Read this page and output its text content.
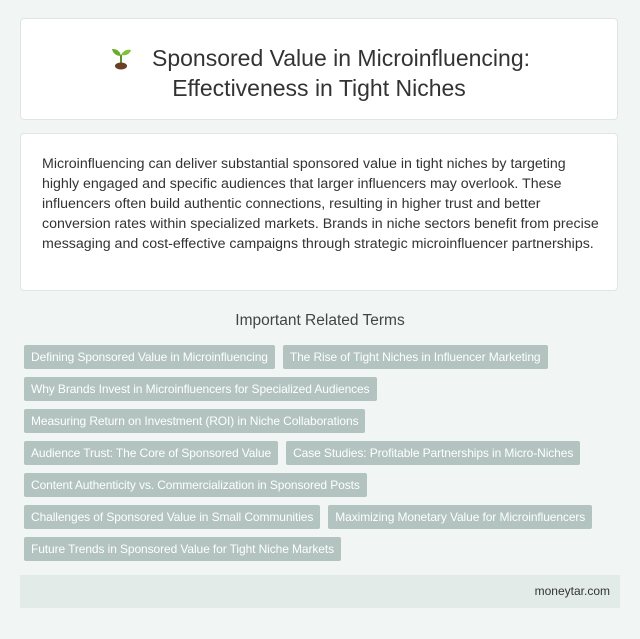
Sponsored Value in Microinfluencing:
Effectiveness in Tight Niches

Microinfluencing can deliver substantial sponsored value in tight niches by targeting highly engaged and specific audiences that larger influencers may overlook. These influencers often build authentic connections, resulting in higher trust and better conversion rates within specialized markets. Brands in niche sectors benefit from precise messaging and cost-effective campaigns through strategic microinfluencer partnerships.

Important Related Terms
Defining Sponsored Value in Microinfluencing	The Rise of Tight Niches in Influencer Marketing
Why Brands Invest in Microinfluencers for Specialized Audiences
Measuring Return on Investment (ROI) in Niche Collaborations
Audience Trust: The Core of Sponsored Value	Case Studies: Profitable Partnerships in Micro-Niches
Content Authenticity vs. Commercialization in Sponsored Posts
Challenges of Sponsored Value in Small Communities	Maximizing Monetary Value for Microinfluencers
Future Trends in Sponsored Value for Tight Niche Markets
moneytar.com
